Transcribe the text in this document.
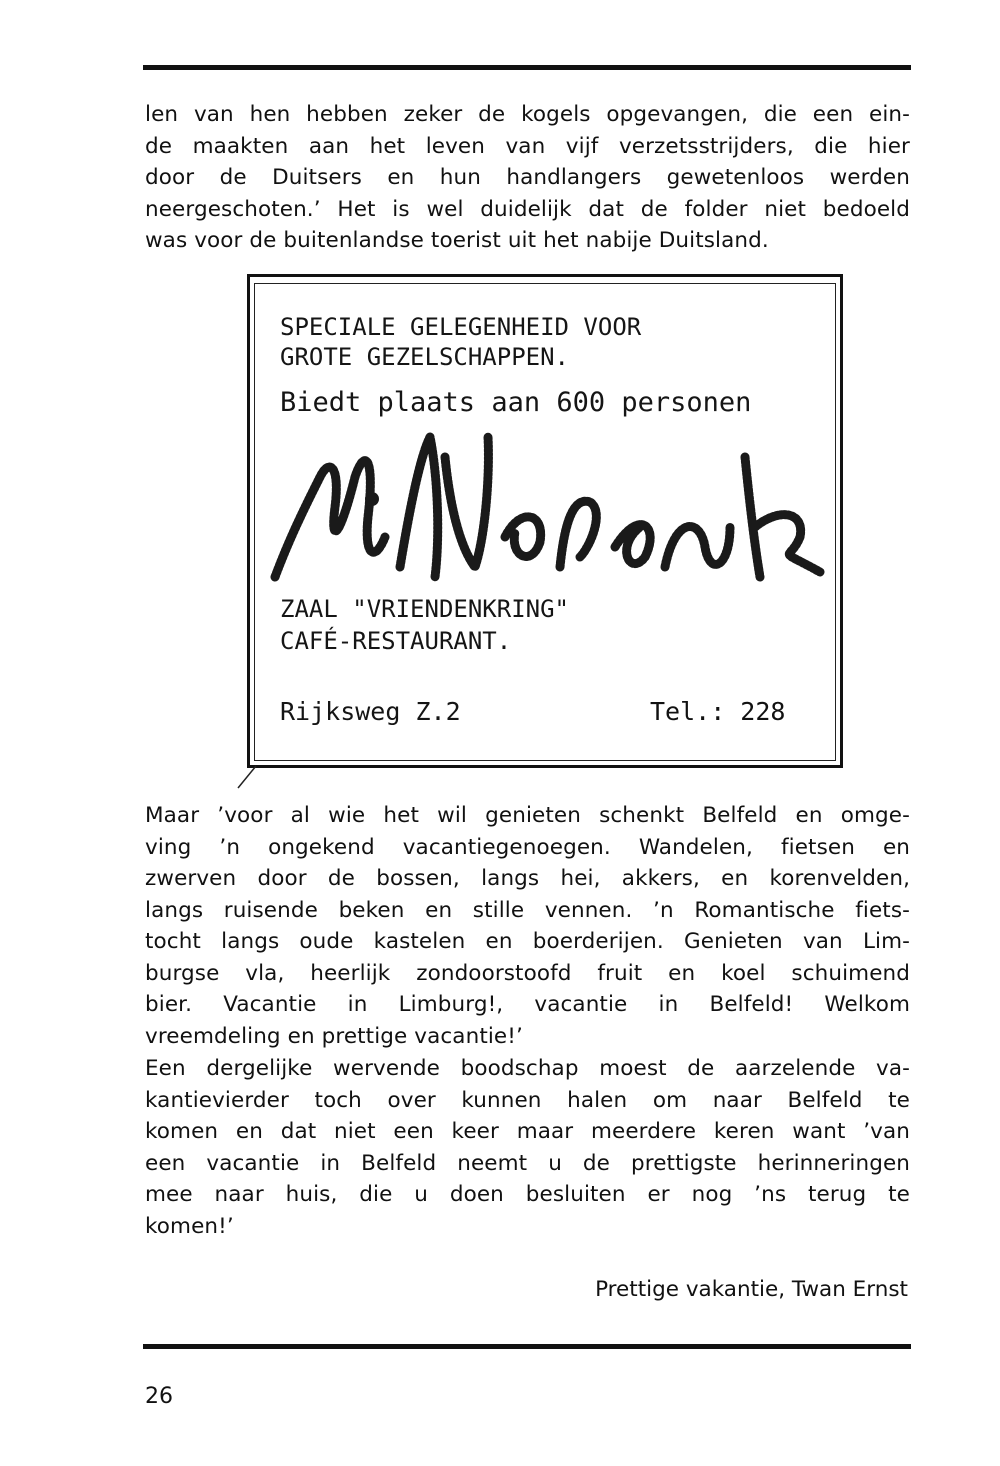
len van hen hebben zeker de kogels opgevangen, die een ein-
de maakten aan het leven van vijf verzetsstrijders, die hier
door de Duitsers en hun handlangers gewetenloos werden
neergeschoten.’ Het is wel duidelijk dat de folder niet bedoeld
was voor de buitenlandse toerist uit het nabije Duitsland.
SPECIALE GELEGENHEID VOOR
GROTE GEZELSCHAPPEN.
Biedt plaats aan 600 personen
ZAAL "VRIENDENKRING"
CAFÉ-RESTAURANT.
Rijksweg Z.2	Tel.: 228
Maar ’voor al wie het wil genieten schenkt Belfeld en omge-
ving ’n ongekend vacantiegenoegen. Wandelen, fietsen en
zwerven door de bossen, langs hei, akkers, en korenvelden,
langs ruisende beken en stille vennen. ’n Romantische fiets-
tocht langs oude kastelen en boerderijen. Genieten van Lim-
burgse vla, heerlijk zondoorstoofd fruit en koel schuimend
bier. Vacantie in Limburg!, vacantie in Belfeld! Welkom
vreemdeling en prettige vacantie!’
Een dergelijke wervende boodschap moest de aarzelende va-
kantievierder toch over kunnen halen om naar Belfeld te
komen en dat niet een keer maar meerdere keren want ’van
een vacantie in Belfeld neemt u de prettigste herinneringen
mee naar huis, die u doen besluiten er nog ’ns terug te
komen!’

Prettige vakantie, Twan Ernst

26
